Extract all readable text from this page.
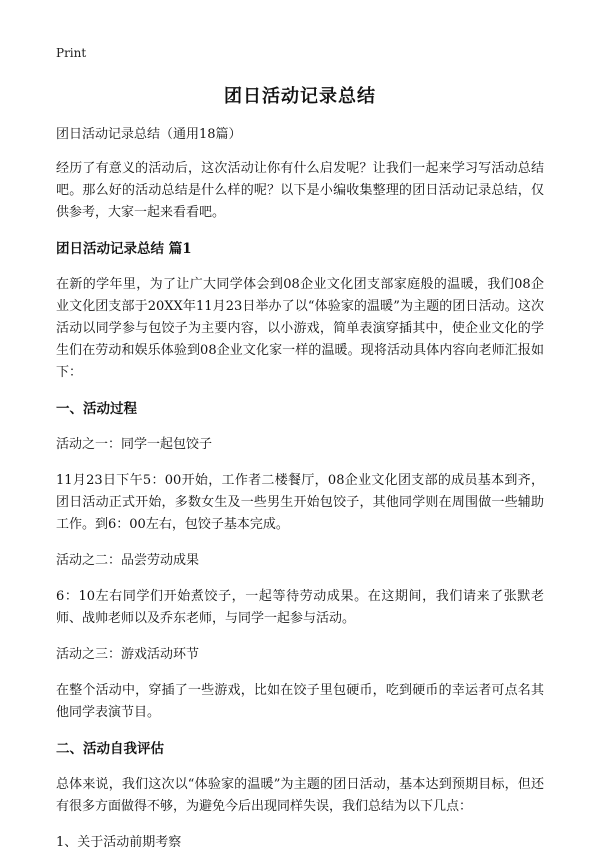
Print
团日活动记录总结

团日活动记录总结（通用18篇）

经历了有意义的活动后，这次活动让你有什么启发呢？让我们一起来学习写活动总结吧。那么好的活动总结是什么样的呢？以下是小编收集整理的团日活动记录总结，仅供参考，大家一起来看看吧。

团日活动记录总结 篇1

在新的学年里，为了让广大同学体会到08企业文化团支部家庭般的温暖，我们08企业文化团支部于20XX年11月23日举办了以“体验家的温暖”为主题的团日活动。这次活动以同学参与包饺子为主要内容，以小游戏，简单表演穿插其中，使企业文化的学生们在劳动和娱乐体验到08企业文化家一样的温暖。现将活动具体内容向老师汇报如下：

一、活动过程

活动之一：同学一起包饺子

11月23日下午5：00开始，工作者二楼餐厅，08企业文化团支部的成员基本到齐，团日活动正式开始，多数女生及一些男生开始包饺子，其他同学则在周围做一些辅助工作。到6：00左右，包饺子基本完成。

活动之二：品尝劳动成果

6：10左右同学们开始煮饺子，一起等待劳动成果。在这期间，我们请来了张默老师、战帅老师以及乔东老师，与同学一起参与活动。

活动之三：游戏活动环节

在整个活动中，穿插了一些游戏，比如在饺子里包硬币，吃到硬币的幸运者可点名其他同学表演节目。

二、活动自我评估

总体来说，我们这次以“体验家的温暖”为主题的团日活动，基本达到预期目标，但还有很多方面做得不够，为避免今后出现同样失误，我们总结为以下几点：

1、关于活动前期考察
